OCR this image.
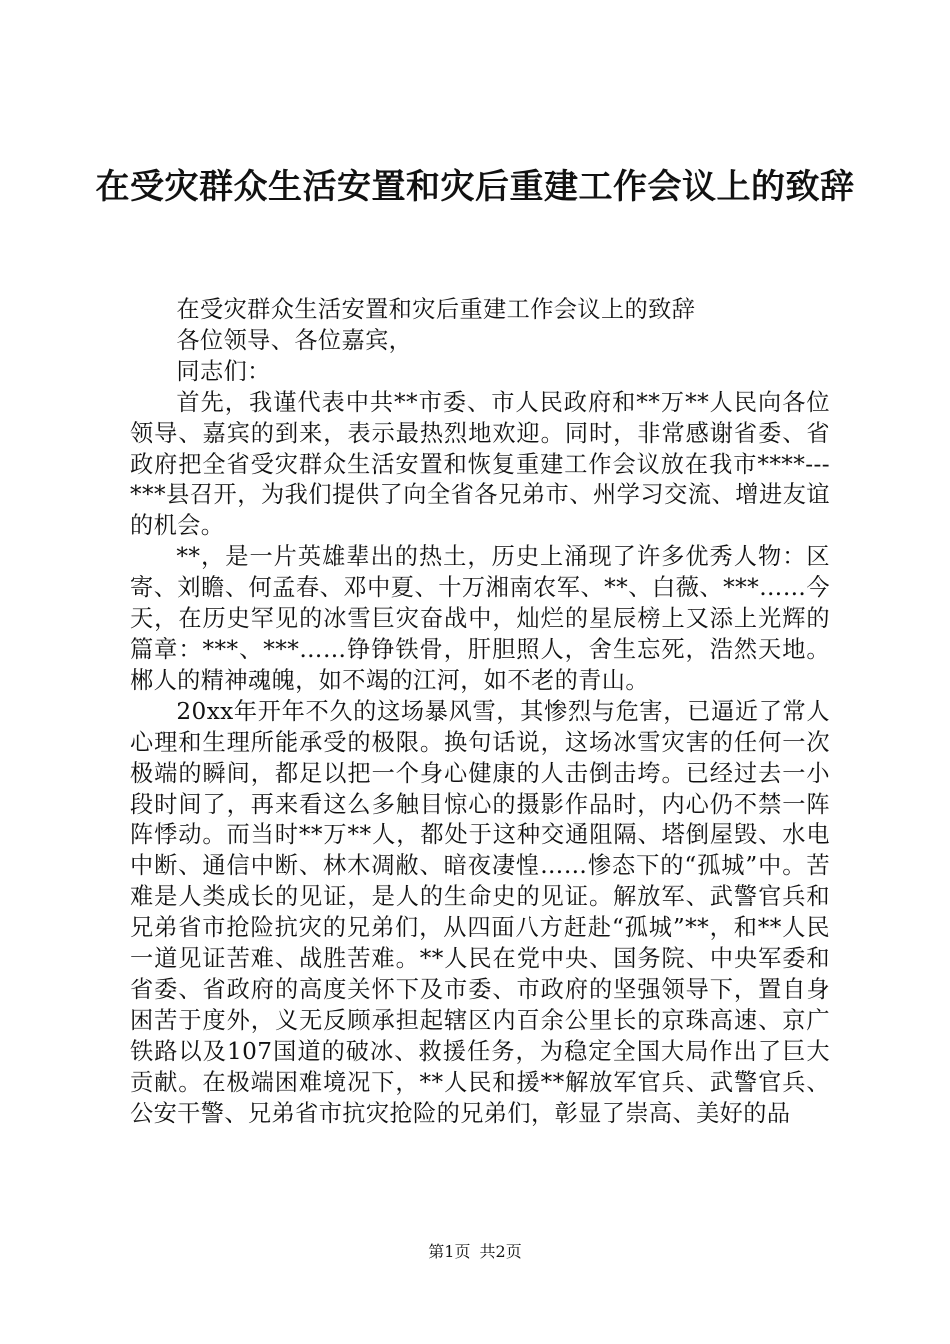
在受灾群众生活安置和灾后重建工作会议上的致辞

在受灾群众生活安置和灾后重建工作会议上的致辞

各位领导、各位嘉宾，

同志们：

首先，我谨代表中共**市委、市人民政府和**万**人民向各位领导、嘉宾的到来，表示最热烈地欢迎。同时，非常感谢省委、省政府把全省受灾群众生活安置和恢复重建工作会议放在我市****---***县召开，为我们提供了向全省各兄弟市、州学习交流、增进友谊的机会。

**，是一片英雄辈出的热土，历史上涌现了许多优秀人物：区寄、刘瞻、何孟春、邓中夏、十万湘南农军、**、白薇、***……今天，在历史罕见的冰雪巨灾奋战中，灿烂的星辰榜上又添上光辉的篇章：***、***……铮铮铁骨，肝胆照人，舍生忘死，浩然天地。郴人的精神魂魄，如不竭的江河，如不老的青山。

20xx年开年不久的这场暴风雪，其惨烈与危害，已逼近了常人心理和生理所能承受的极限。换句话说，这场冰雪灾害的任何一次极端的瞬间，都足以把一个身心健康的人击倒击垮。已经过去一小段时间了，再来看这么多触目惊心的摄影作品时，内心仍不禁一阵阵悸动。而当时**万**人，都处于这种交通阻隔、塔倒屋毁、水电中断、通信中断、林木凋敝、暗夜凄惶……惨态下的“孤城”中。苦难是人类成长的见证，是人的生命史的见证。解放军、武警官兵和兄弟省市抢险抗灾的兄弟们，从四面八方赶赴“孤城”**，和**人民一道见证苦难、战胜苦难。**人民在党中央、国务院、中央军委和省委、省政府的高度关怀下及市委、市政府的坚强领导下，置自身困苦于度外，义无反顾承担起辖区内百余公里长的京珠高速、京广铁路以及107国道的破冰、救援任务，为稳定全国大局作出了巨大贡献。在极端困难境况下，**人民和援**解放军官兵、武警官兵、公安干警、兄弟省市抗灾抢险的兄弟们，彰显了崇高、美好的品

第1页 共2页
